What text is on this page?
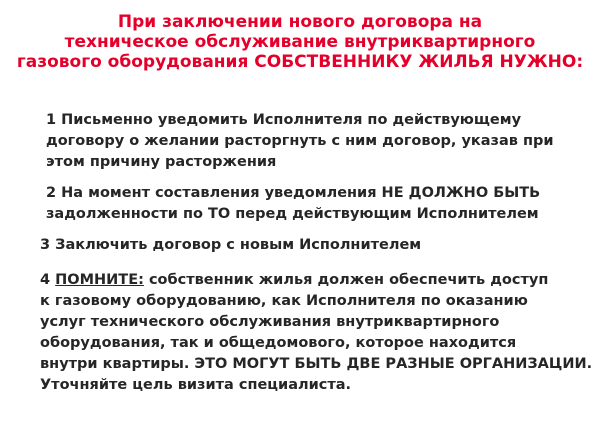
При заключении нового договора на
техническое обслуживание внутриквартирного
газового оборудования СОБСТВЕННИКУ ЖИЛЬЯ НУЖНО:
1 Письменно уведомить Исполнителя по действующему
договору о желании расторгнуть с ним договор, указав при
этом причину расторжения
2 На момент составления уведомления НЕ ДОЛЖНО БЫТЬ
задолженности по ТО перед действующим Исполнителем
3 Заключить договор с новым Исполнителем
4 ПОМНИТЕ: собственник жилья должен обеспечить доступ
к газовому оборудованию, как Исполнителя по оказанию
услуг технического обслуживания внутриквартирного
оборудования, так и общедомового, которое находится
внутри квартиры. ЭТО МОГУТ БЫТЬ ДВЕ РАЗНЫЕ ОРГАНИЗАЦИИ.
Уточняйте цель визита специалиста.
